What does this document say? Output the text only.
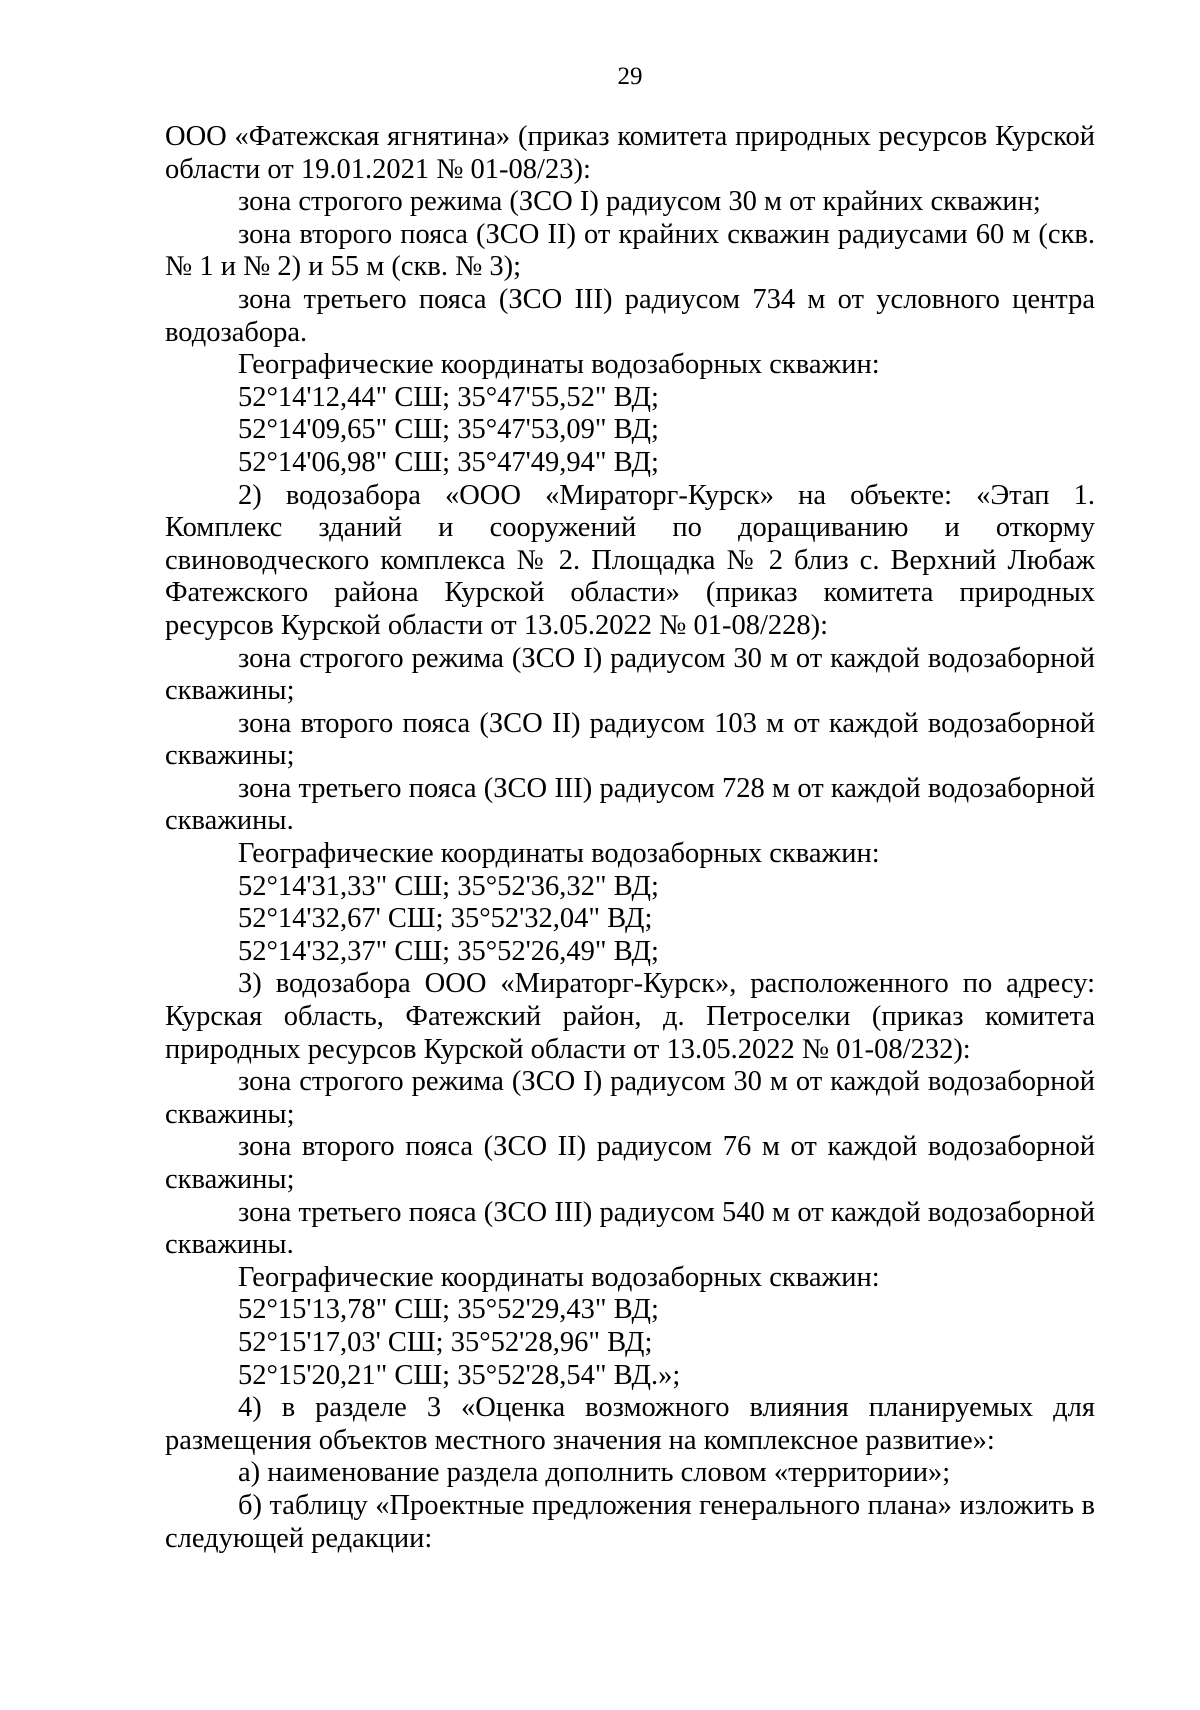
29

ООО «Фатежская ягнятина» (приказ комитета природных ресурсов Курской области от 19.01.2021 № 01-08/23):

зона строгого режима (ЗСО I) радиусом 30 м от крайних скважин;

зона второго пояса (ЗСО II) от крайних скважин радиусами 60 м (скв. № 1 и № 2) и 55 м (скв. № 3);

зона третьего пояса (ЗСО III) радиусом 734 м от условного центра водозабора.

Географические координаты водозаборных скважин:

52°14'12,44" СШ; 35°47'55,52" ВД;

52°14'09,65" СШ; 35°47'53,09" ВД;

52°14'06,98" СШ; 35°47'49,94" ВД;

2) водозабора «ООО «Мираторг-Курск» на объекте: «Этап 1. Комплекс зданий и сооружений по доращиванию и откорму свиноводческого комплекса № 2. Площадка № 2 близ с. Верхний Любаж Фатежского района Курской области» (приказ комитета природных ресурсов Курской области от 13.05.2022 № 01-08/228):

зона строгого режима (ЗСО I) радиусом 30 м от каждой водозаборной скважины;

зона второго пояса (ЗСО II) радиусом 103 м от каждой водозаборной скважины;

зона третьего пояса (ЗСО III) радиусом 728 м от каждой водозаборной скважины.

Географические координаты водозаборных скважин:

52°14'31,33" СШ; 35°52'36,32" ВД;

52°14'32,67' СШ; 35°52'32,04" ВД;

52°14'32,37" СШ; 35°52'26,49" ВД;

3) водозабора ООО «Мираторг-Курск», расположенного по адресу: Курская область, Фатежский район, д. Петроселки (приказ комитета природных ресурсов Курской области от 13.05.2022 № 01-08/232):

зона строгого режима (ЗСО I) радиусом 30 м от каждой водозаборной скважины;

зона второго пояса (ЗСО II) радиусом 76 м от каждой водозаборной скважины;

зона третьего пояса (ЗСО III) радиусом 540 м от каждой водозаборной скважины.

Географические координаты водозаборных скважин:

52°15'13,78" СШ; 35°52'29,43" ВД;

52°15'17,03' СШ; 35°52'28,96" ВД;

52°15'20,21" СШ; 35°52'28,54" ВД.»;

4) в разделе 3 «Оценка возможного влияния планируемых для размещения объектов местного значения на комплексное развитие»:

а) наименование раздела дополнить словом «территории»;

б) таблицу «Проектные предложения генерального плана» изложить в следующей редакции:
